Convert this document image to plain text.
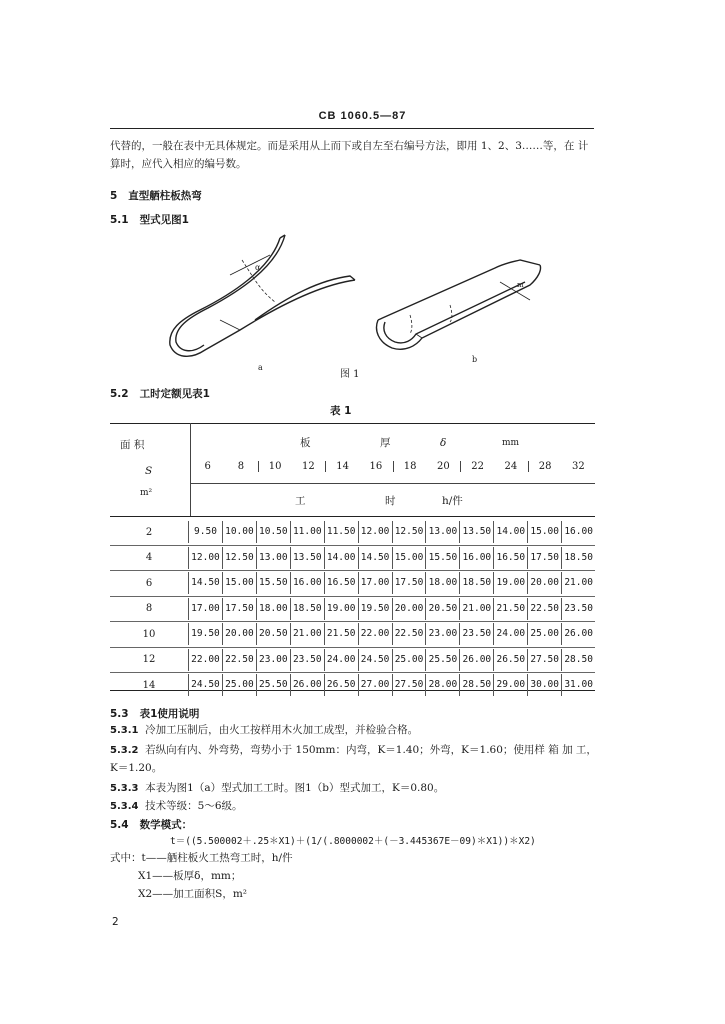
CB 1060.5—87
代替的，一般在表中无具体规定。而是采用从上而下或自左至右编号方法，即用 1、2、3……等，在 计
算时，应代入相应的编号数。
5 直型舾柱板热弯
5.1 型式见图1
α
m
a
b
图 1
5.2 工时定额见表1
表 1
面 积
S
m²
板	厚	δ	mm
6	8	10	12	14	16	18	20	22	24	28	32
工	时	h/件
2	9.50 10.00 10.50 11.00 11.50 12.00 12.50 13.00 13.50 14.00 15.00 16.00
4	12.00 12.50 13.00 13.50 14.00 14.50 15.00 15.50 16.00 16.50 17.50 18.50
6	14.50 15.00 15.50 16.00 16.50 17.00 17.50 18.00 18.50 19.00 20.00 21.00
8	17.00 17.50 18.00 18.50 19.00 19.50 20.00 20.50 21.00 21.50 22.50 23.50
10	19.50 20.00 20.50 21.00 21.50 22.00 22.50 23.00 23.50 24.00 25.00 26.00
12	22.00 22.50 23.00 23.50 24.00 24.50 25.00 25.50 26.00 26.50 27.50 28.50
14	24.50 25.00 25.50 26.00 26.50 27.00 27.50 28.00 28.50 29.00 30.00 31.00
5.3 表1使用说明
5.3.1 冷加工压制后，由火工按样用木火加工成型，并检验合格。
5.3.2 若纵向有内、外弯势，弯势小于 150mm：内弯，K＝1.40；外弯，K＝1.60；使用样 箱 加 工，
K＝1.20。
5.3.3 本表为图1（a）型式加工工时。图1（b）型式加工，K＝0.80。
5.3.4 技术等级：5～6级。
5.4 数学模式：
t＝((5.500002＋.25＊X1)＋(1/(.8000002＋(－3.445367E－09)＊X1))＊X2)
式中：t——舾柱板火工热弯工时，h/件
X1——板厚δ，mm；
X2——加工面积S，m²
2
